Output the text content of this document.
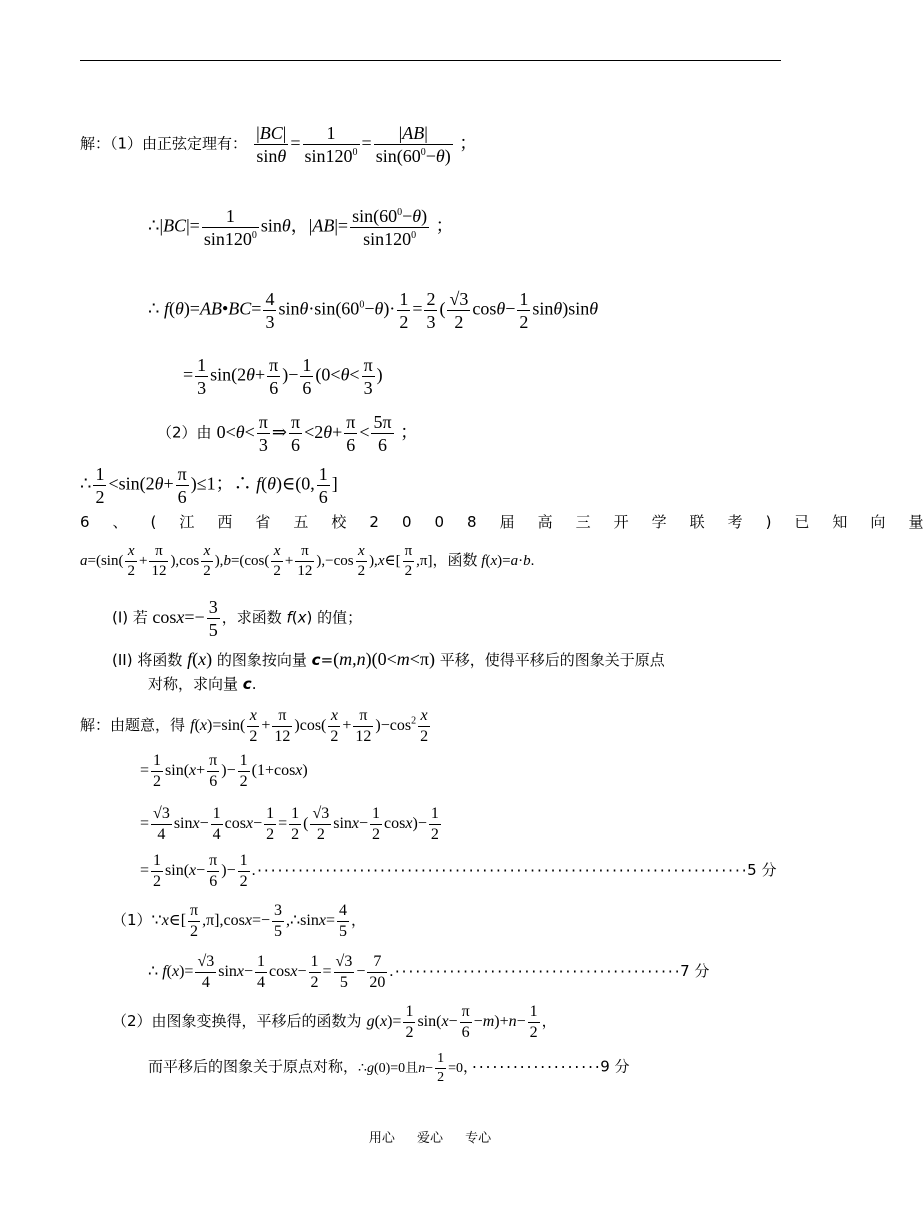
解：（1）由正弦定理有： $\frac{|BC|}{\sin\theta} = \frac{1}{\sin 120^0} = \frac{|AB|}{\sin(60^0-\theta)}$ ；
∴|BC|= $\frac{1}{\sin 120^0}$ sinθ，$|AB|= \frac{\sin(60^0-\theta)}{\sin 120^0}$ ；
∴ f(θ)=AB•BC= $\frac{4}{3} \sin\theta\cdot\sin(60^0-\theta)\cdot \frac{1}{2} = \frac{2}{3}$ ( $\frac{√3}{2} \cos\theta- \frac{1}{2} \sin\theta)\sin\theta$
= $\frac{1}{3} \sin(2\theta+ \frac{\pi}{6}$ )− $\frac{1}{6} (0<\theta< \frac{\pi}{3}$ )
（2）由 $0<\theta< \frac{\pi}{3}$ ⇒ $\frac{\pi}{6} <2\theta+ \frac{\pi}{6} < \frac{5\pi}{6}$ ；
∴ $\frac{1}{2} <\sin(2\theta+ \frac{\pi}{6} )\le 1$；∴ f(θ)∈(0, $\frac{1}{6}$ ]
6、(江西省五校2008届高三开学联考)已知向量
$a=(\sin( \frac{x}{2} + \frac{\pi}{12} ),\cos \frac{x}{2} ),b=(\cos( \frac{x}{2} + \frac{\pi}{12} ),-\cos \frac{x}{2}$ ),x∈[ $\frac{\pi}{2} ,\pi$]，函数 f(x)=a·b.
(I) 若 $\cos x=- \frac{3}{5}$ ，求函数 f(x) 的值；
(II) 将函数 f(x) 的图象按向量 c=(m,n)(0<m<π) 平移，使得平移后的图象关于原点
对称，求向量 c.
解：由题意，得 $f(x)=\sin( \frac{x}{2} + \frac{\pi}{12} )\cos( \frac{x}{2} + \frac{\pi}{12} )-\cos^2 \frac{x}{2}$
= $\frac{1}{2} \sin(x+ \frac{\pi}{6}$ )− $\frac{1}{2} (1+\cos x)$
= $\frac{√3}{4} \sin x- \frac{1}{4} \cos x- \frac{1}{2} = \frac{1}{2}$ ( $\frac{√3}{2} \sin x- \frac{1}{2} \cos x)- \frac{1}{2}$
= $\frac{1}{2} \sin(x- \frac{\pi}{6}$ )− $\frac{1}{2} .\cdot\cdot\cdot\cdot\cdot\cdot\cdot\cdot\cdot\cdot\cdot\cdot\cdot\cdot\cdot\cdot\cdot\cdot\cdot\cdot\cdot\cdot\cdot\cdot\cdot\cdot\cdot\cdot\cdot\cdot\cdot\cdot\cdot\cdot\cdot\cdot\cdot\cdot\cdot\cdot\cdot\cdot\cdot\cdot\cdot\cdot\cdot\cdot\cdot\cdot\cdot\cdot\cdot\cdot\cdot\cdot\cdot\cdot\cdot\cdot\cdot\cdot\cdot\cdot\cdot\cdot\cdot\cdot\cdot\cdot\cdot\cdot 5$ 分
（1）∵x∈[ $\frac{\pi}{2} ,\pi],\cos x=- \frac{3}{5}$ ,∴sinx= $\frac{4}{5}$ ，
∴ $f(x)= \frac{√3}{4} \sin x- \frac{1}{4} \cos x- \frac{1}{2} = \frac{√3}{5} - \frac{7}{20} .\cdot\cdot\cdot\cdot\cdot\cdot\cdot\cdot\cdot\cdot\cdot\cdot\cdot\cdot\cdot\cdot\cdot\cdot\cdot\cdot\cdot\cdot\cdot\cdot\cdot\cdot\cdot\cdot\cdot\cdot\cdot\cdot\cdot\cdot\cdot\cdot\cdot\cdot\cdot\cdot\cdot\cdot 7$ 分
（2）由图象变换得，平移后的函数为 $g(x)= \frac{1}{2} \sin(x- \frac{\pi}{6} -m)+n- \frac{1}{2}$ ，
而平移后的图象关于原点对称，∴g(0)=0且$n- \frac{1}{2} =0$，···················9 分
用心 爱心 专心
